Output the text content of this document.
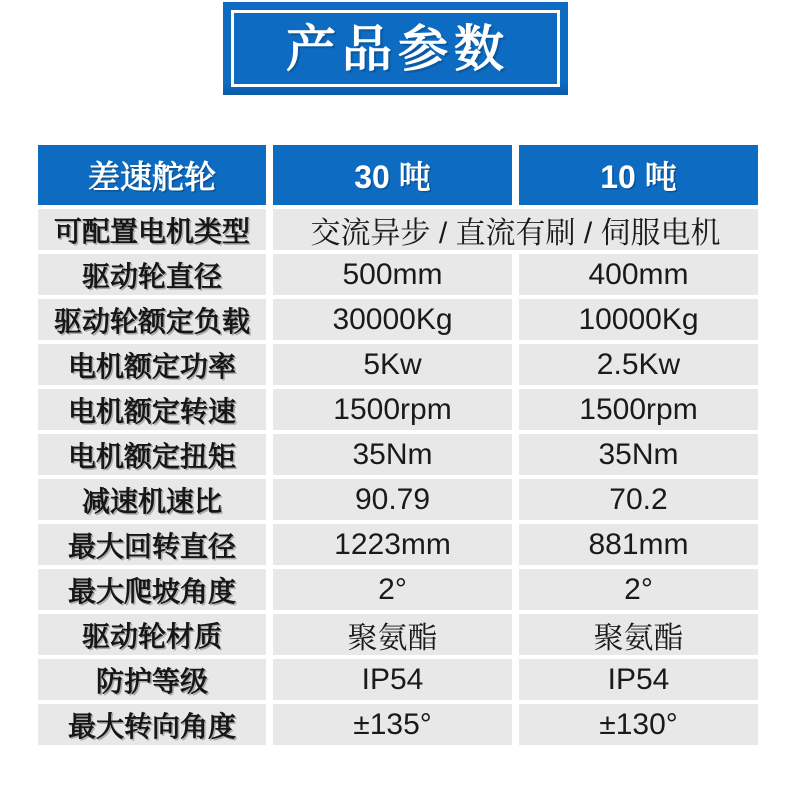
产品参数
差速舵轮	30 吨	10 吨
可配置电机类型	交流异步 / 直流有刷 / 伺服电机
驱动轮直径	500mm	400mm
驱动轮额定负载	30000Kg	10000Kg
电机额定功率	5Kw	2.5Kw
电机额定转速	1500rpm	1500rpm
电机额定扭矩	35Nm	35Nm
减速机速比	90.79	70.2
最大回转直径	1223mm	881mm
最大爬坡角度	2°	2°
驱动轮材质	聚氨酯	聚氨酯
防护等级	IP54	IP54
最大转向角度	±135°	±130°
